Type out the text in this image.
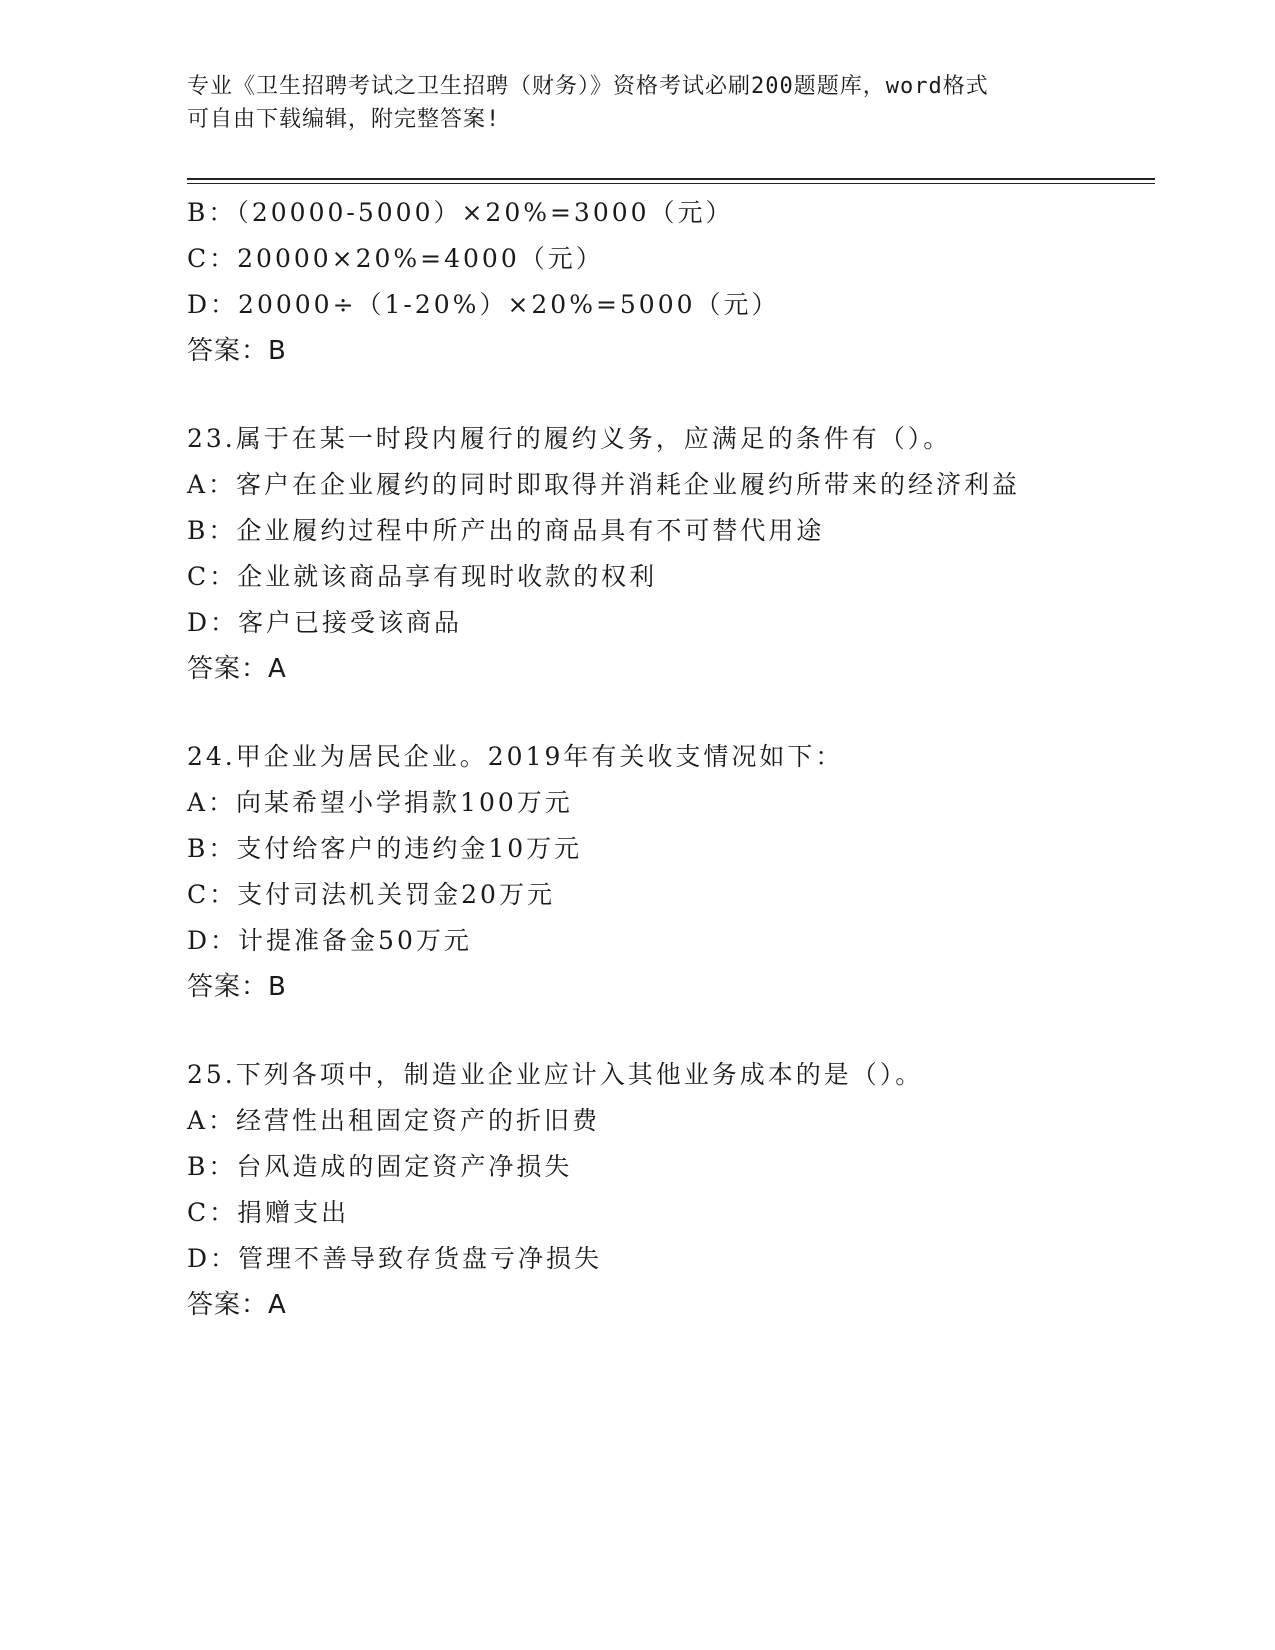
专业《卫生招聘考试之卫生招聘（财务）》资格考试必刷200题题库，word格式
可自由下载编辑，附完整答案!
B：（20000-5000）×20%=3000（元）
C：20000×20%=4000（元）
D：20000÷（1-20%）×20%=5000（元）
答案：B
23.属于在某一时段内履行的履约义务，应满足的条件有（）。
A：客户在企业履约的同时即取得并消耗企业履约所带来的经济利益
B：企业履约过程中所产出的商品具有不可替代用途
C：企业就该商品享有现时收款的权利
D：客户已接受该商品
答案：A
24.甲企业为居民企业。2019年有关收支情况如下：
A：向某希望小学捐款100万元
B：支付给客户的违约金10万元
C：支付司法机关罚金20万元
D：计提准备金50万元
答案：B
25.下列各项中，制造业企业应计入其他业务成本的是（）。
A：经营性出租固定资产的折旧费
B：台风造成的固定资产净损失
C：捐赠支出
D：管理不善导致存货盘亏净损失
答案：A
